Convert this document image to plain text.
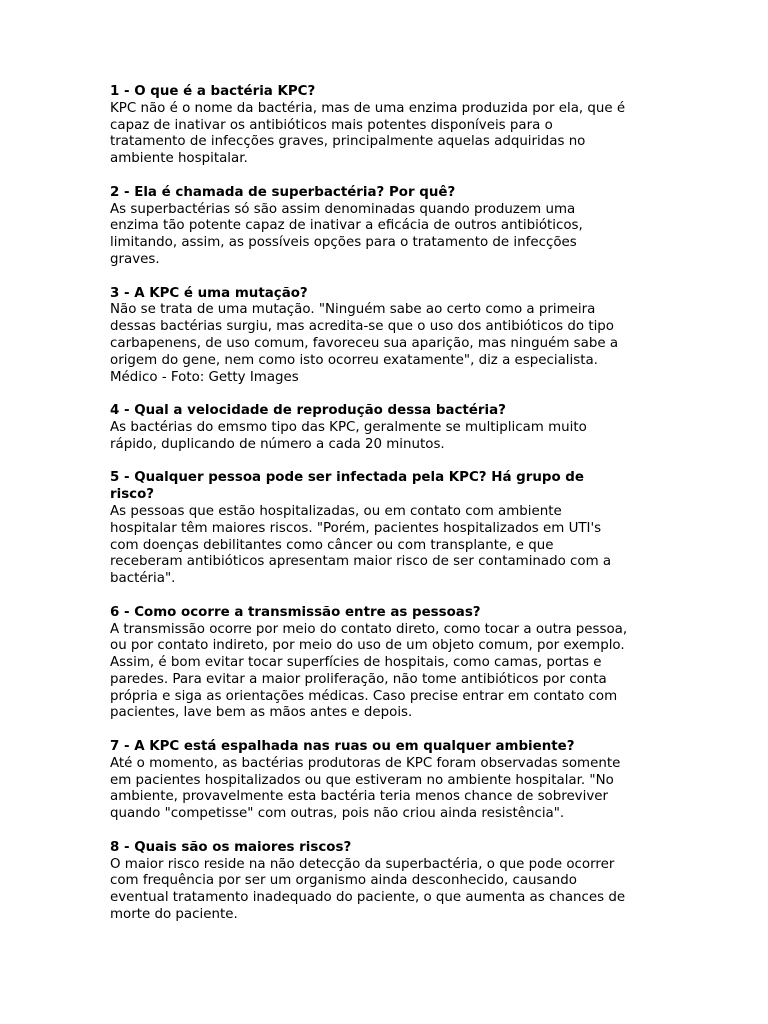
1 - O que é a bactéria KPC?

KPC não é o nome da bactéria, mas de uma enzima produzida por ela, que é
capaz de inativar os antibióticos mais potentes disponíveis para o
tratamento de infecções graves, principalmente aquelas adquiridas no
ambiente hospitalar.

2 - Ela é chamada de superbactéria? Por quê?

As superbactérias só são assim denominadas quando produzem uma
enzima tão potente capaz de inativar a eficácia de outros antibióticos,
limitando, assim, as possíveis opções para o tratamento de infecções
graves.

3 - A KPC é uma mutação?

Não se trata de uma mutação. "Ninguém sabe ao certo como a primeira
dessas bactérias surgiu, mas acredita-se que o uso dos antibióticos do tipo
carbapenens, de uso comum, favoreceu sua aparição, mas ninguém sabe a
origem do gene, nem como isto ocorreu exatamente", diz a especialista.
Médico - Foto: Getty Images

4 - Qual a velocidade de reprodução dessa bactéria?

As bactérias do emsmo tipo das KPC, geralmente se multiplicam muito
rápido, duplicando de número a cada 20 minutos.

5 - Qualquer pessoa pode ser infectada pela KPC? Há grupo de
risco?

As pessoas que estão hospitalizadas, ou em contato com ambiente
hospitalar têm maiores riscos. "Porém, pacientes hospitalizados em UTI's
com doenças debilitantes como câncer ou com transplante, e que
receberam antibióticos apresentam maior risco de ser contaminado com a
bactéria".

6 - Como ocorre a transmissão entre as pessoas?

A transmissão ocorre por meio do contato direto, como tocar a outra pessoa,
ou por contato indireto, por meio do uso de um objeto comum, por exemplo.
Assim, é bom evitar tocar superfícies de hospitais, como camas, portas e
paredes. Para evitar a maior proliferação, não tome antibióticos por conta
própria e siga as orientações médicas. Caso precise entrar em contato com
pacientes, lave bem as mãos antes e depois.

7 - A KPC está espalhada nas ruas ou em qualquer ambiente?

Até o momento, as bactérias produtoras de KPC foram observadas somente
em pacientes hospitalizados ou que estiveram no ambiente hospitalar. "No
ambiente, provavelmente esta bactéria teria menos chance de sobreviver
quando "competisse" com outras, pois não criou ainda resistência".

8 - Quais são os maiores riscos?

O maior risco reside na não detecção da superbactéria, o que pode ocorrer
com frequência por ser um organismo ainda desconhecido, causando
eventual tratamento inadequado do paciente, o que aumenta as chances de
morte do paciente.
